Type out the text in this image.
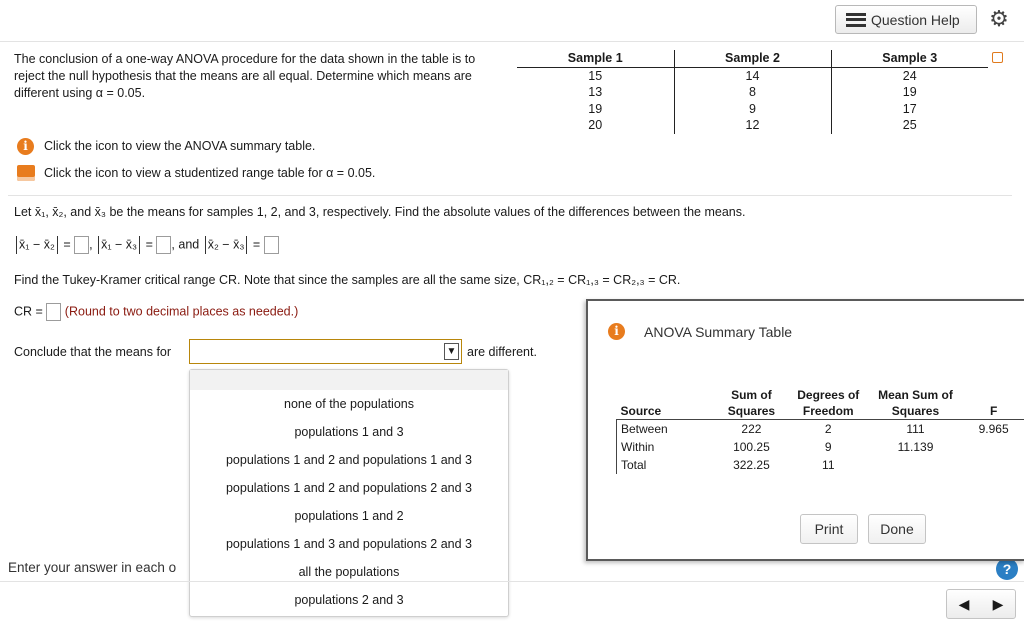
Question Help ⚙
The conclusion of a one-way ANOVA procedure for the data shown in the table is to reject the null hypothesis that the means are all equal. Determine which means are different using α = 0.05.
Sample 1	Sample 2	Sample 3
15	14	24
13	8	19
19	9	17
20	12	25
i	Click the icon to view the ANOVA summary table.
Click the icon to view a studentized range table for α = 0.05.
Let x̄₁, x̄₂, and x̄₃ be the means for samples 1, 2, and 3, respectively. Find the absolute values of the differences between the means.
x̄₁ − x̄₂ = , x̄₁ − x̄₃ = , and x̄₂ − x̄₃ =
Find the Tukey-Kramer critical range CR. Note that since the samples are all the same size, CR₁,₂ = CR₁,₃ = CR₂,₃ = CR.
CR = (Round to two decimal places as needed.)
Conclude that the means for	▼ are different.
none of the populations
populations 1 and 3
populations 1 and 2 and populations 1 and 3
populations 1 and 2 and populations 2 and 3
populations 1 and 2
populations 1 and 3 and populations 2 and 3
all the populations
populations 2 and 3
Enter your answer in each o	?
◀ ▶
i	ANOVA Summary Table
	Sum of	Degrees of	Mean Sum of	
Source	Squares	Freedom	Squares	F
Between	222	2	111	9.965
Within	100.25	9	11.139	
Total	322.25	11		
Print	Done
